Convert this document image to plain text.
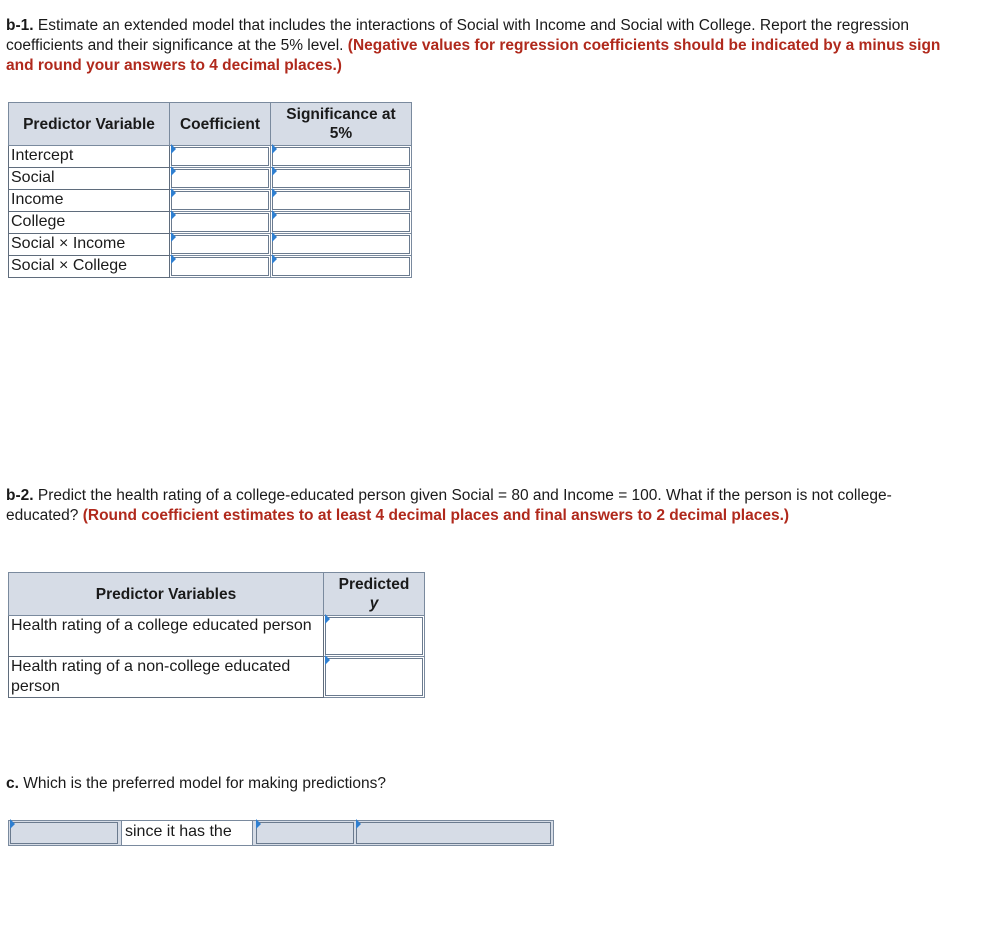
b-1. Estimate an extended model that includes the interactions of Social with Income and Social with College. Report the regression coefficients and their significance at the 5% level. (Negative values for regression coefficients should be indicated by a minus sign and round your answers to 4 decimal places.)
Predictor Variable	Coefficient	Significance at 5%
Intercept	

Social	

Income	

College	

Social × Income	

Social × College	

b-2. Predict the health rating of a college-educated person given Social = 80 and Income = 100. What if the person is not college-educated? (Round coefficient estimates to at least 4 decimal places and final answers to 2 decimal places.)
Predictor Variables	Predicted
y
Health rating of a college educated person	

Health rating of a non-college educated person	
c. Which is the preferred model for making predictions?
since it has the
